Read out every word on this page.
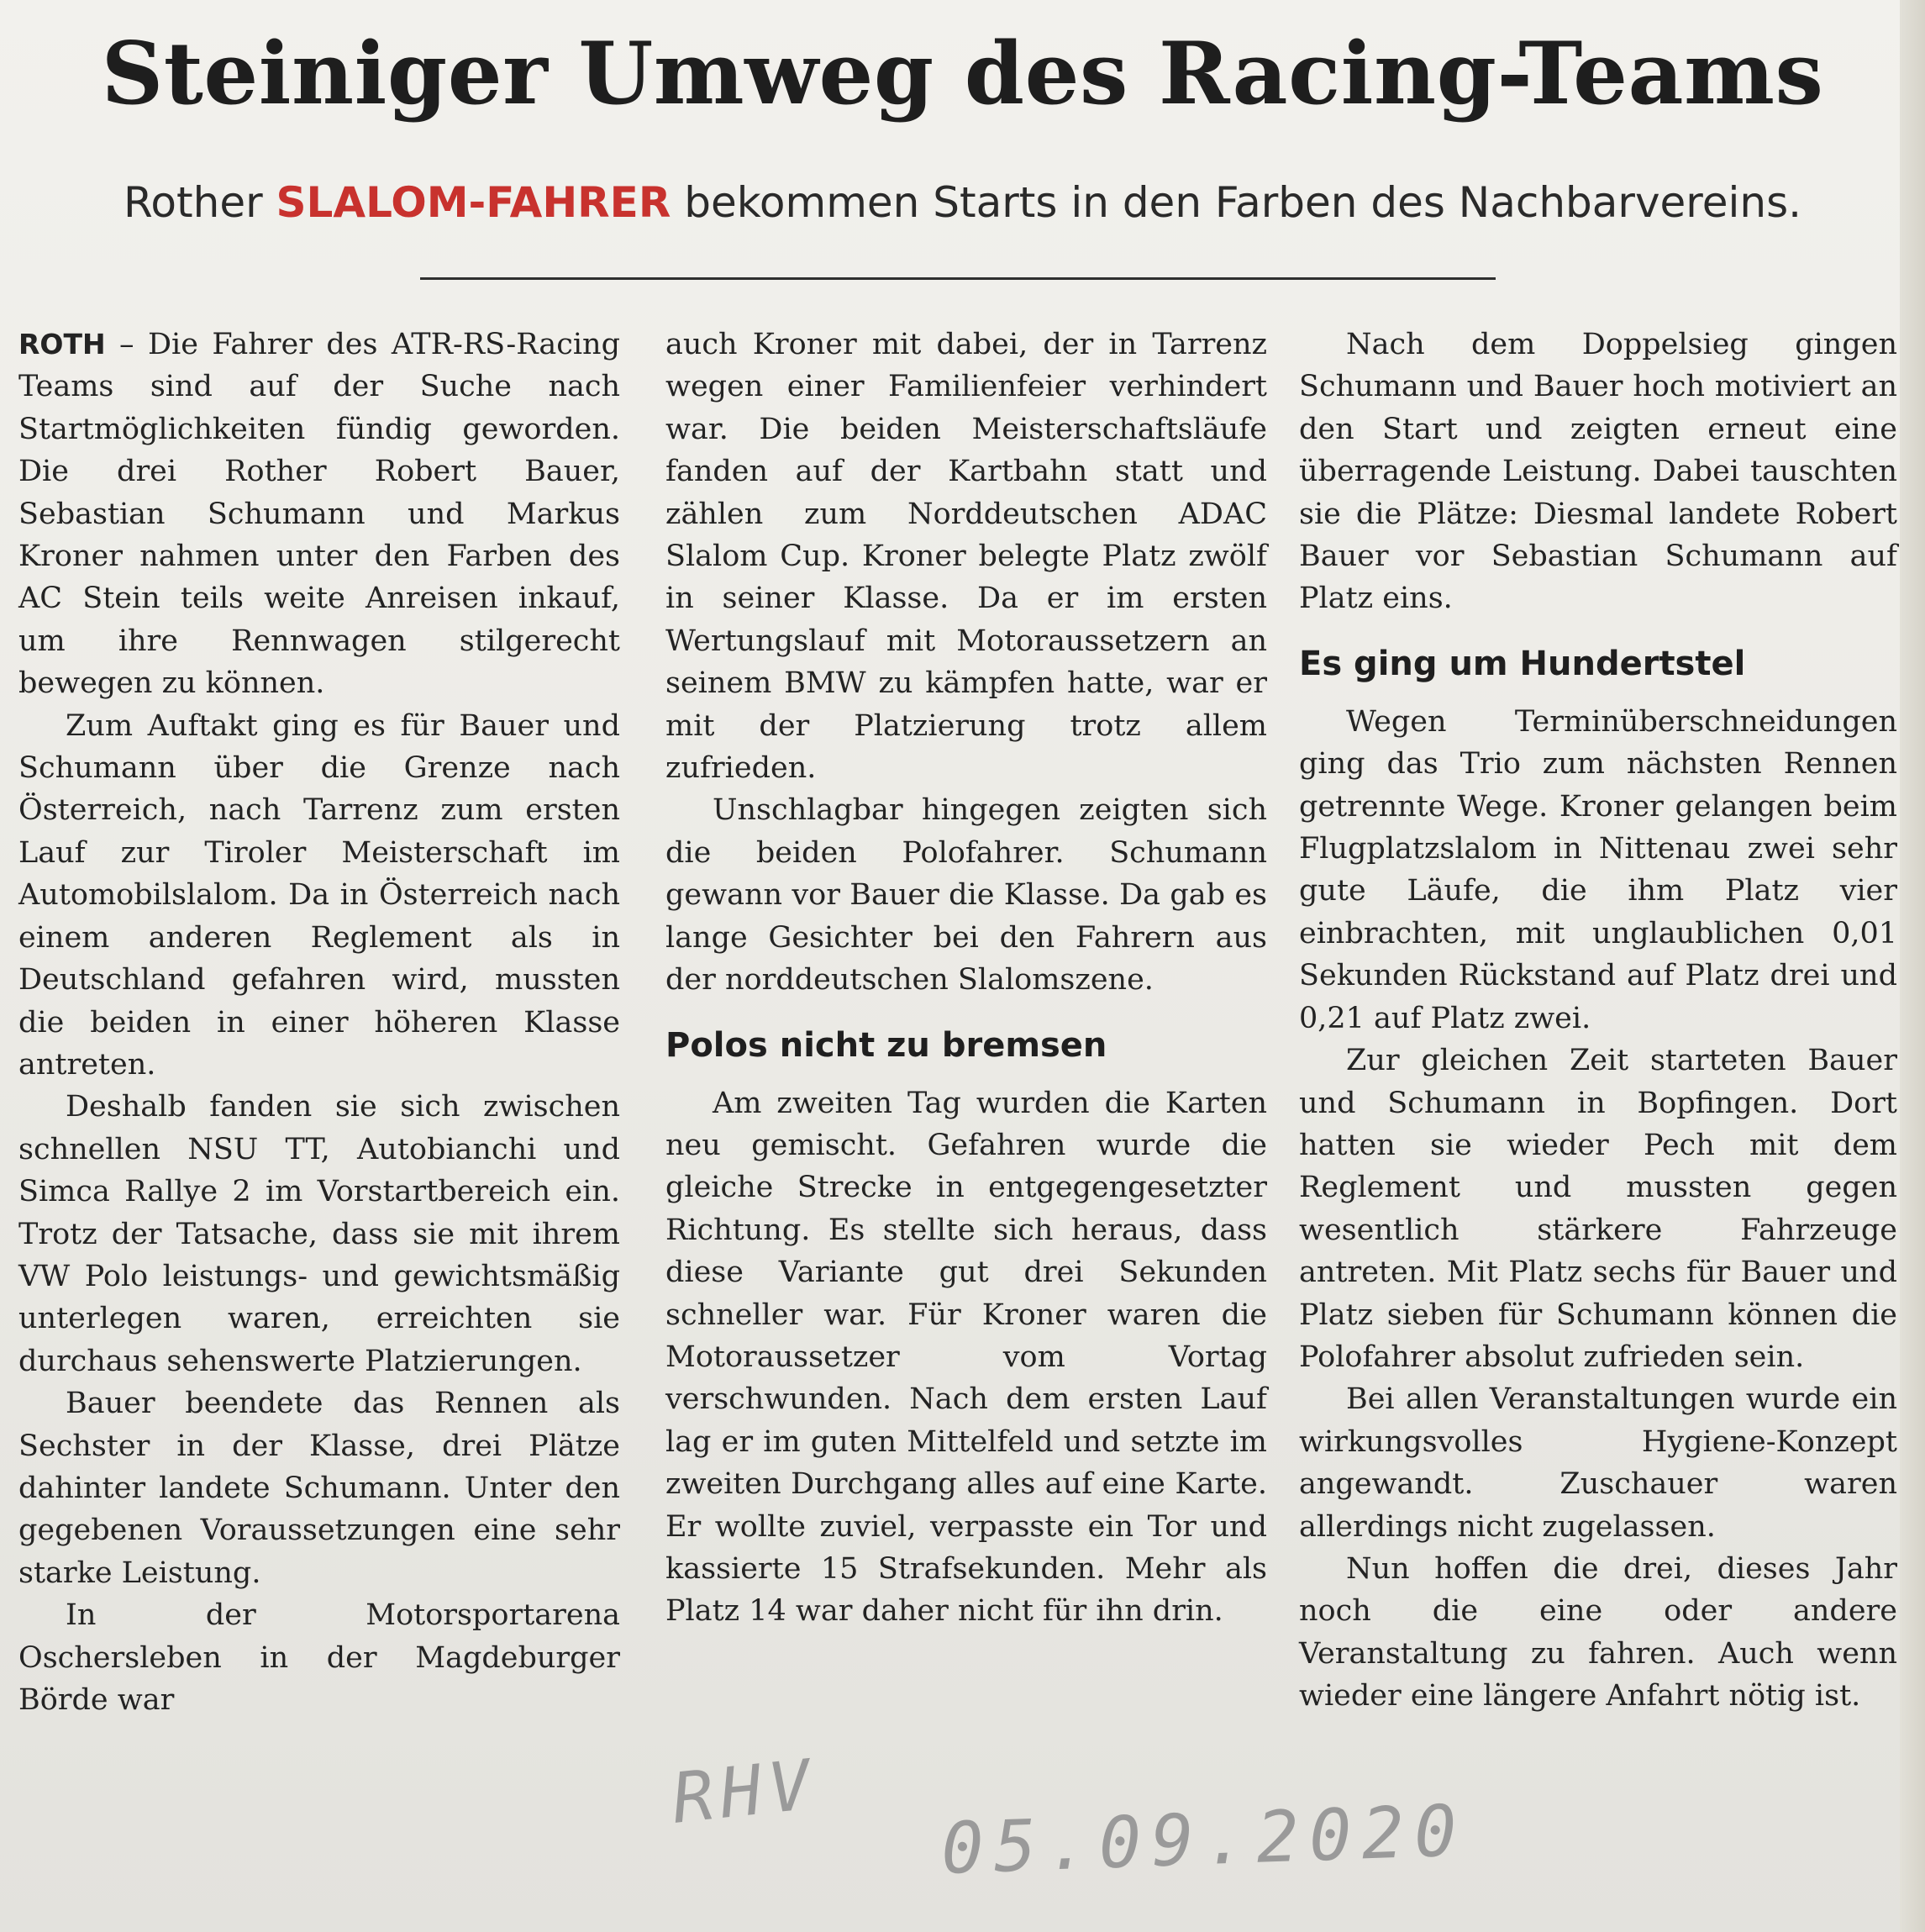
Steiniger Umweg des Racing-Teams

Rother SLALOM-FAHRER bekommen Starts in den Farben des Nachbarvereins.

ROTH – Die Fahrer des ATR-RS-Racing Teams sind auf der Suche nach Startmöglichkeiten fündig geworden. Die drei Rother Robert Bauer, Sebastian Schumann und Markus Kroner nahmen unter den Farben des AC Stein teils weite Anreisen inkauf, um ihre Rennwagen stilgerecht bewegen zu können.

Zum Auftakt ging es für Bauer und Schumann über die Grenze nach Österreich, nach Tarrenz zum ersten Lauf zur Tiroler Meisterschaft im Automobilslalom. Da in Österreich nach einem anderen Reglement als in Deutschland gefahren wird, mussten die beiden in einer höheren Klasse antreten.

Deshalb fanden sie sich zwischen schnellen NSU TT, Autobianchi und Simca Rallye 2 im Vorstartbereich ein. Trotz der Tatsache, dass sie mit ihrem VW Polo leistungs- und gewichtsmäßig unterlegen waren, erreichten sie durchaus sehenswerte Platzierungen.

Bauer beendete das Rennen als Sechster in der Klasse, drei Plätze dahinter landete Schumann. Unter den gegebenen Voraussetzungen eine sehr starke Leistung.

In der Motorsportarena Oschersleben in der Magdeburger Börde war

auch Kroner mit dabei, der in Tarrenz wegen einer Familienfeier verhindert war. Die beiden Meisterschaftsläufe fanden auf der Kartbahn statt und zählen zum Norddeutschen ADAC Slalom Cup. Kroner belegte Platz zwölf in seiner Klasse. Da er im ersten Wertungslauf mit Motoraussetzern an seinem BMW zu kämpfen hatte, war er mit der Platzierung trotz allem zufrieden.

Unschlagbar hingegen zeigten sich die beiden Polofahrer. Schumann gewann vor Bauer die Klasse. Da gab es lange Gesichter bei den Fahrern aus der norddeutschen Slalomszene.

Polos nicht zu bremsen

Am zweiten Tag wurden die Karten neu gemischt. Gefahren wurde die gleiche Strecke in entgegengesetzter Richtung. Es stellte sich heraus, dass diese Variante gut drei Sekunden schneller war. Für Kroner waren die Motoraussetzer vom Vortag verschwunden. Nach dem ersten Lauf lag er im guten Mittelfeld und setzte im zweiten Durchgang alles auf eine Karte. Er wollte zuviel, verpasste ein Tor und kassierte 15 Strafsekunden. Mehr als Platz 14 war daher nicht für ihn drin.

Nach dem Doppelsieg gingen Schumann und Bauer hoch motiviert an den Start und zeigten erneut eine überragende Leistung. Dabei tauschten sie die Plätze: Diesmal landete Robert Bauer vor Sebastian Schumann auf Platz eins.

Es ging um Hundertstel

Wegen Terminüberschneidungen ging das Trio zum nächsten Rennen getrennte Wege. Kroner gelangen beim Flugplatzslalom in Nittenau zwei sehr gute Läufe, die ihm Platz vier einbrachten, mit unglaublichen 0,01 Sekunden Rückstand auf Platz drei und 0,21 auf Platz zwei.

Zur gleichen Zeit starteten Bauer und Schumann in Bopfingen. Dort hatten sie wieder Pech mit dem Reglement und mussten gegen wesentlich stärkere Fahrzeuge antreten. Mit Platz sechs für Bauer und Platz sieben für Schumann können die Polofahrer absolut zufrieden sein.

Bei allen Veranstaltungen wurde ein wirkungsvolles Hygiene-Konzept angewandt. Zuschauer waren allerdings nicht zugelassen.

Nun hoffen die drei, dieses Jahr noch die eine oder andere Veranstaltung zu fahren. Auch wenn wieder eine längere Anfahrt nötig ist.

RHV 05.09.2020
